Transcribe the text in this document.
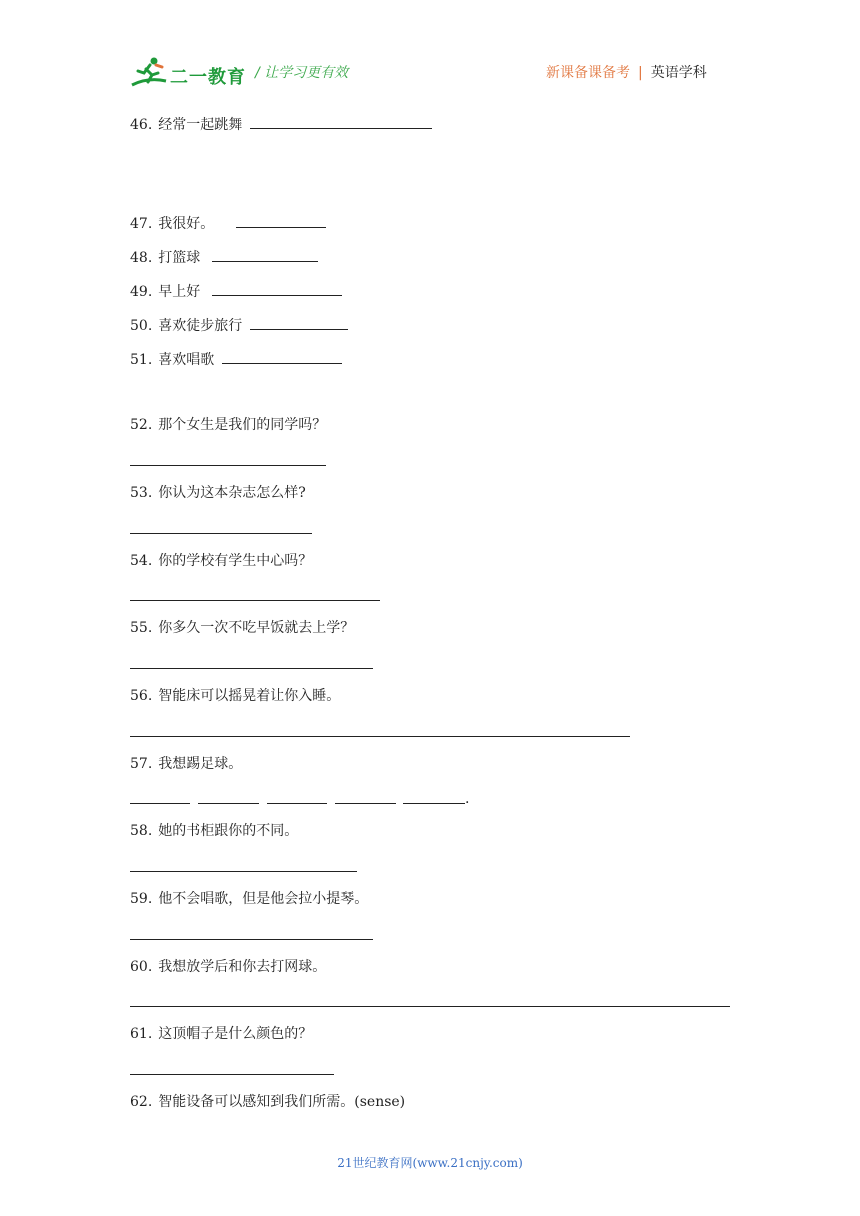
二一教育 / 让学习更有效	新课备课备考 | 英语学科
46. 经常一起跳舞
47. 我很好。
48. 打篮球
49. 早上好
50. 喜欢徒步旅行
51. 喜欢唱歌
52. 那个女生是我们的同学吗？
53. 你认为这本杂志怎么样?
54. 你的学校有学生中心吗？
55. 你多久一次不吃早饭就去上学？
56. 智能床可以摇晃着让你入睡。
57. 我想踢足球。
.
58. 她的书柜跟你的不同。
59. 他不会唱歌，但是他会拉小提琴。
60. 我想放学后和你去打网球。
61. 这顶帽子是什么颜色的？
62. 智能设备可以感知到我们所需。(sense)
21世纪教育网(www.21cnjy.com)
